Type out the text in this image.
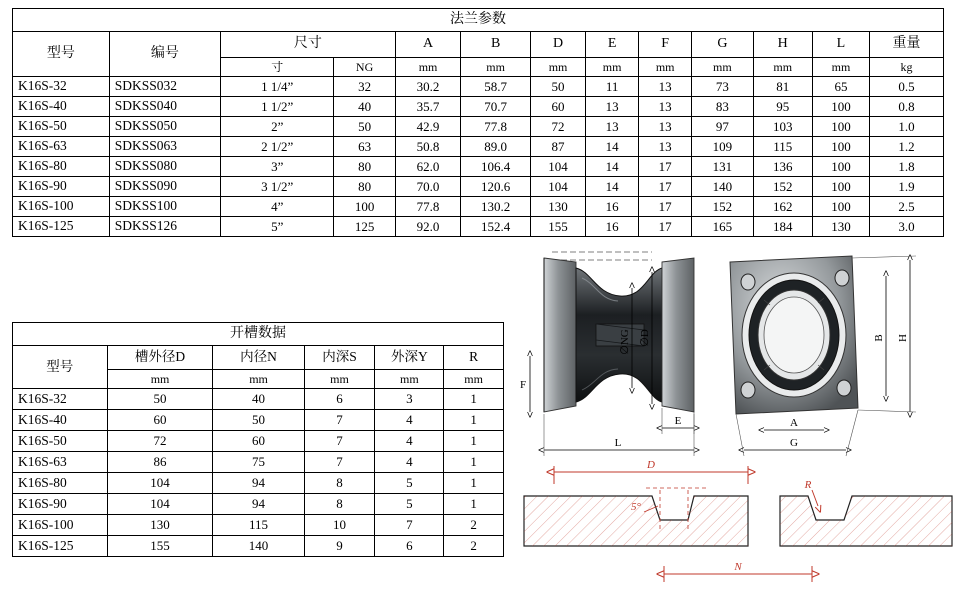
法兰参数												
型号	编号	尺寸		A	B	D	E	F	G	H	L	重量
		寸	NG	mm	mm	mm	mm	mm	mm	mm	mm	kg
K16S-32	SDKSS032	1 1/4”	32	30.2	58.7	50	11	13	73	81	65	0.5
K16S-40	SDKSS040	1 1/2”	40	35.7	70.7	60	13	13	83	95	100	0.8
K16S-50	SDKSS050	2”	50	42.9	77.8	72	13	13	97	103	100	1.0
K16S-63	SDKSS063	2 1/2”	63	50.8	89.0	87	14	13	109	115	100	1.2
K16S-80	SDKSS080	3”	80	62.0	106.4	104	14	17	131	136	100	1.8
K16S-90	SDKSS090	3 1/2”	80	70.0	120.6	104	14	17	140	152	100	1.9
K16S-100	SDKSS100	4”	100	77.8	130.2	130	16	17	152	162	100	2.5
K16S-125	SDKSS126	5”	125	92.0	152.4	155	16	17	165	184	130	3.0
开槽数据					
型号	槽外径D	内径N	内深S	外深Y	R
	mm	mm	mm	mm	mm
K16S-32	50	40	6	3	1
K16S-40	60	50	7	4	1
K16S-50	72	60	7	4	1
K16S-63	86	75	7	4	1
K16S-80	104	94	8	5	1
K16S-90	104	94	8	5	1
K16S-100	130	115	10	7	2
K16S-125	155	140	9	6	2
∅NG ∅D
F
E
L
B H
A
G
D
5°
R
N
